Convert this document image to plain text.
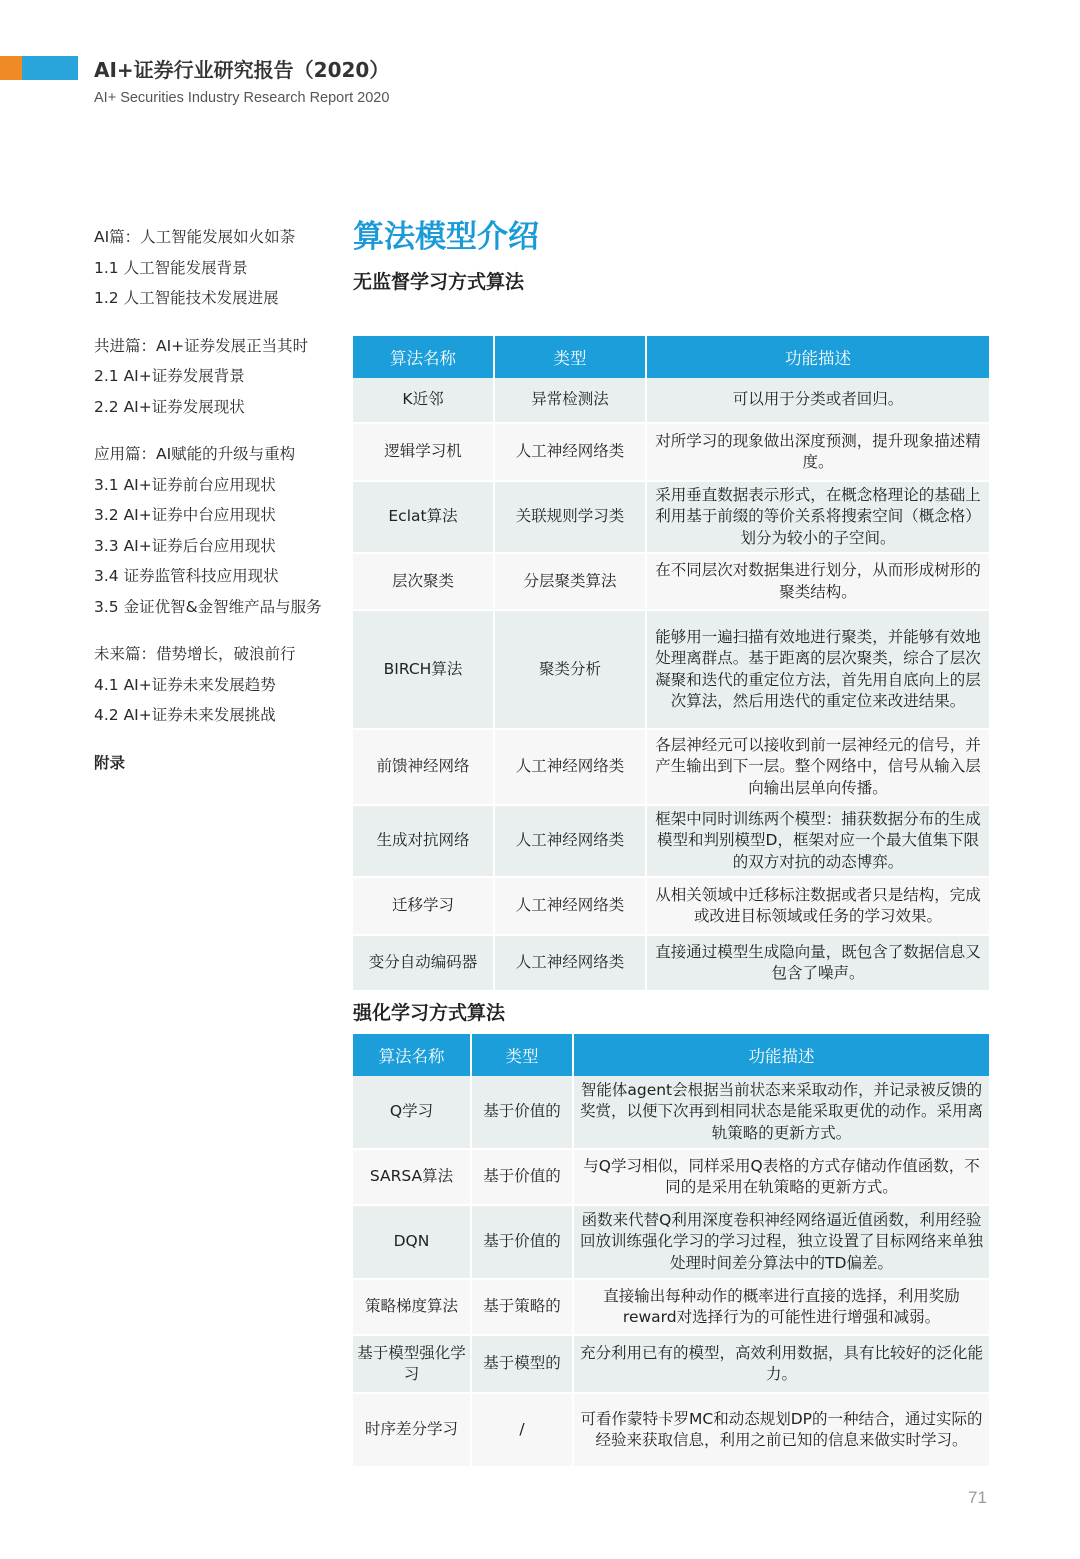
AI+证券行业研究报告（2020）
AI+ Securities Industry Research Report 2020
AI篇：人工智能发展如火如荼
1.1 人工智能发展背景
1.2 人工智能技术发展进展
共进篇：AI+证券发展正当其时
2.1 AI+证券发展背景
2.2 AI+证券发展现状
应用篇：AI赋能的升级与重构
3.1 AI+证券前台应用现状
3.2 AI+证券中台应用现状
3.3 AI+证券后台应用现状
3.4 证券监管科技应用现状
3.5 金证优智&金智维产品与服务
未来篇：借势增长，破浪前行
4.1 AI+证券未来发展趋势
4.2 AI+证券未来发展挑战
附录
算法模型介绍
无监督学习方式算法
算法名称	类型	功能描述
K近邻	异常检测法	可以用于分类或者回归。
逻辑学习机	人工神经网络类	对所学习的现象做出深度预测，提升现象描述精度。
Eclat算法	关联规则学习类	采用垂直数据表示形式，在概念格理论的基础上利用基于前缀的等价关系将搜索空间（概念格）划分为较小的子空间。
层次聚类	分层聚类算法	在不同层次对数据集进行划分，从而形成树形的聚类结构。
BIRCH算法	聚类分析	能够用一遍扫描有效地进行聚类，并能够有效地处理离群点。基于距离的层次聚类，综合了层次凝聚和迭代的重定位方法，首先用自底向上的层次算法，然后用迭代的重定位来改进结果。
前馈神经网络	人工神经网络类	各层神经元可以接收到前一层神经元的信号，并产生输出到下一层。整个网络中，信号从输入层向输出层单向传播。
生成对抗网络	人工神经网络类	框架中同时训练两个模型：捕获数据分布的生成模型和判别模型D，框架对应一个最大值集下限的双方对抗的动态博弈。
迁移学习	人工神经网络类	从相关领域中迁移标注数据或者只是结构，完成或改进目标领域或任务的学习效果。
变分自动编码器	人工神经网络类	直接通过模型生成隐向量，既包含了数据信息又包含了噪声。
强化学习方式算法
算法名称	类型	功能描述
Q学习	基于价值的	智能体agent会根据当前状态来采取动作，并记录被反馈的奖赏，以便下次再到相同状态是能采取更优的动作。采用离轨策略的更新方式。
SARSA算法	基于价值的	与Q学习相似，同样采用Q表格的方式存储动作值函数，不同的是采用在轨策略的更新方式。
DQN	基于价值的	函数来代替Q利用深度卷积神经网络逼近值函数，利用经验回放训练强化学习的学习过程，独立设置了目标网络来单独处理时间差分算法中的TD偏差。
策略梯度算法	基于策略的	直接输出每种动作的概率进行直接的选择，利用奖励reward对选择行为的可能性进行增强和减弱。
基于模型强化学习	基于模型的	充分利用已有的模型，高效利用数据，具有比较好的泛化能力。
时序差分学习	/	可看作蒙特卡罗MC和动态规划DP的一种结合，通过实际的经验来获取信息，利用之前已知的信息来做实时学习。
71
